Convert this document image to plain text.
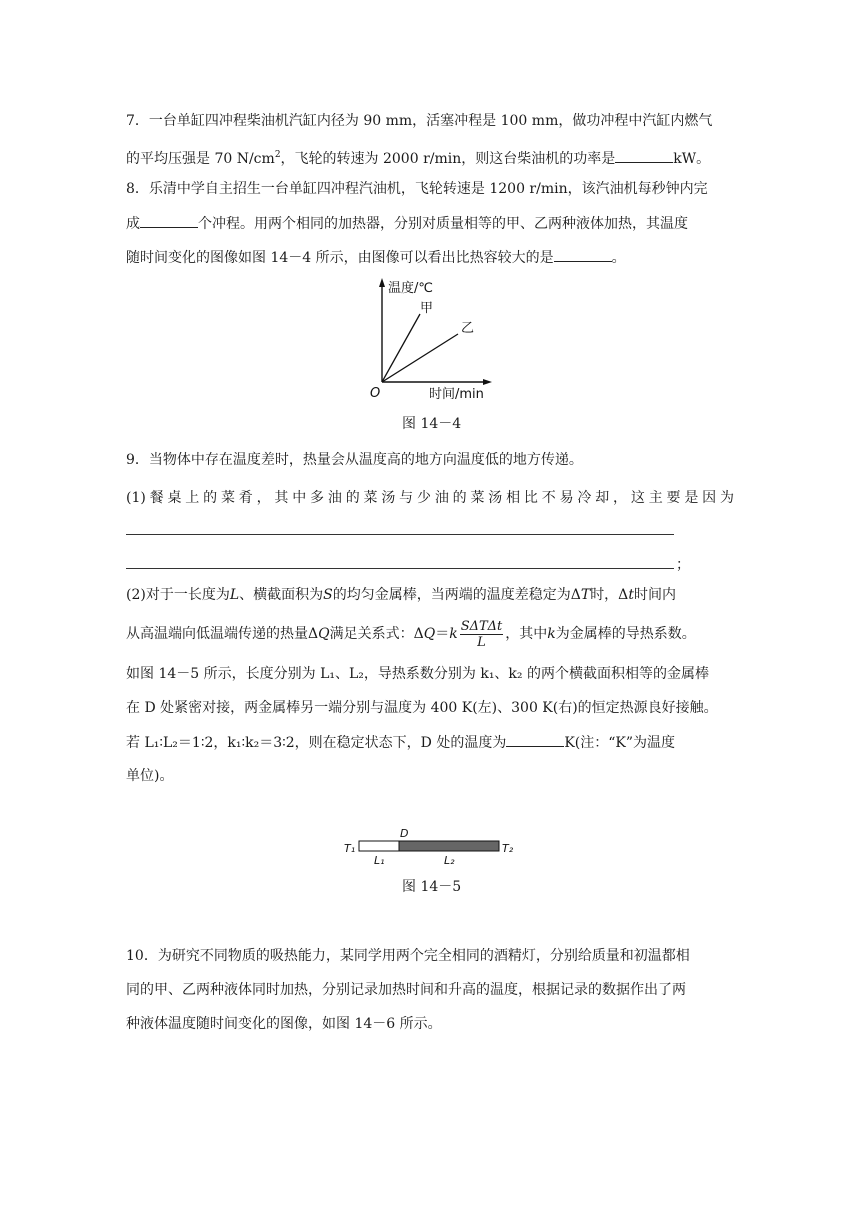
7．一台单缸四冲程柴油机汽缸内径为 90 mm，活塞冲程是 100 mm，做功冲程中汽缸内燃气
的平均压强是 70 $N/cm^2$，飞轮的转速为 2000 r/min，则这台柴油机的功率是	kW。
8．乐清中学自主招生一台单缸四冲程汽油机，飞轮转速是 1200 r/min，该汽油机每秒钟内完
成	个冲程。用两个相同的加热器，分别对质量相等的甲、乙两种液体加热，其温度
随时间变化的图像如图 14－4 所示，由图像可以看出比热容较大的是	。
温度/℃
时间/min
O
甲
乙
图 14－4
9．当物体中存在温度差时，热量会从温度高的地方向温度低的地方传递。
(1)餐桌上的菜肴，其中多油的菜汤与少油的菜汤相比不易冷却，这主要是因为
；
(2)对于一长度为L、横截面积为S的均匀金属棒，当两端的温度差稳定为ΔT时，Δt时间内
从高温端向低温端传递的热量ΔQ满足关系式：$\Delta Q=k \frac{\text{SΔTΔt}}{L}$ ，其中k为金属棒的导热系数。
如图 14－5 所示，长度分别为 L₁、L₂，导热系数分别为 k₁、k₂ 的两个横截面积相等的金属棒
在 D 处紧密对接，两金属棒另一端分别与温度为 400 K(左)、300 K(右)的恒定热源良好接触。
若 L₁∶L₂＝1∶2，k₁∶k₂＝3∶2，则在稳定状态下，D 处的温度为	K(注：“K”为温度
单位)。
T₁
D
T₂
L₁	L₂
图 14－5
10．为研究不同物质的吸热能力，某同学用两个完全相同的酒精灯，分别给质量和初温都相
同的甲、乙两种液体同时加热，分别记录加热时间和升高的温度，根据记录的数据作出了两
种液体温度随时间变化的图像，如图 14－6 所示。
